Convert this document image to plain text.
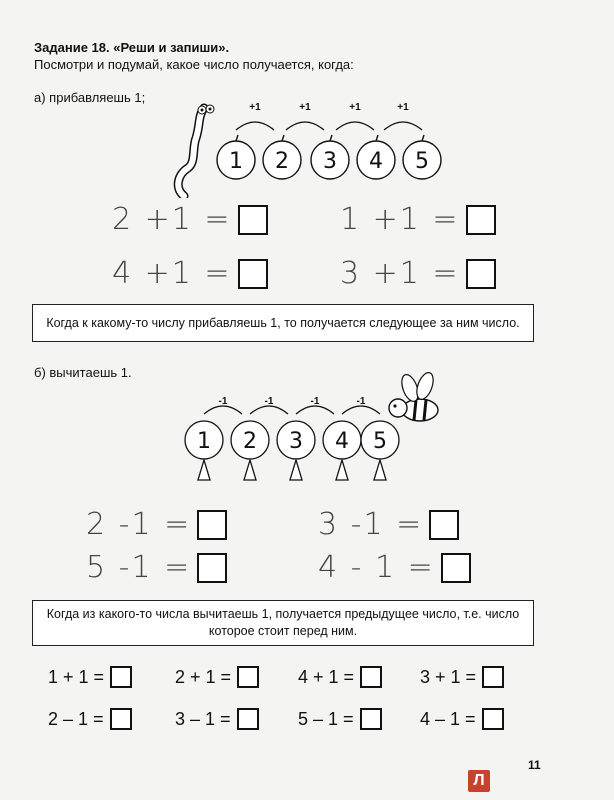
Задание 18. «Реши и запиши».
Посмотри и подумай, какое число получается, когда:
а) прибавляешь 1;
1 2 3 4 5
+1	+1	+1	+1
2 +1 =	1 +1 =
4 +1 =	3 +1 =
Когда к какому-то числу прибавляешь 1, то получается следующее за ним число.
б) вычитаешь 1.
-1	-1	-1	-1
1 2 3 4 5
2 -1 =	3 -1 =
5 -1 =	4 - 1 =
Когда из какого-то числа вычитаешь 1, получается предыдущее число, т.е. число
которое стоит перед ним.
1 + 1 =	2 + 1 =	4 + 1 =	3 + 1 =
2 – 1 =	3 – 1 =	5 – 1 =	4 – 1 =
11
Л
